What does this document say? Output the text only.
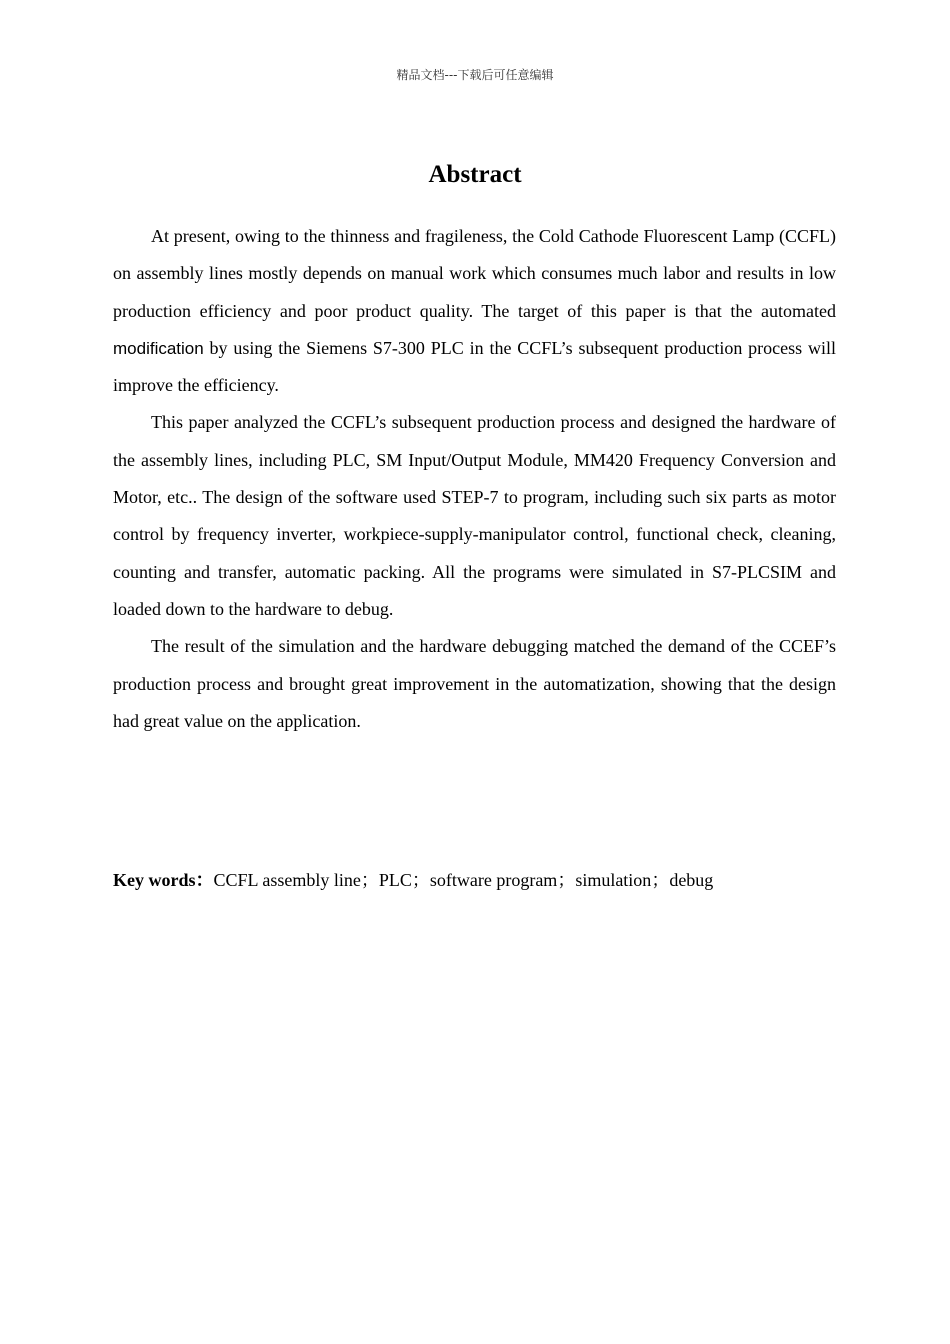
精品文档---下载后可任意编辑
Abstract

At present, owing to the thinness and fragileness, the Cold Cathode Fluorescent Lamp (CCFL) on assembly lines mostly depends on manual work which consumes much labor and results in low production efficiency and poor product quality. The target of this paper is that the automated modification by using the Siemens S7-300 PLC in the CCFL’s subsequent production process will improve the efficiency.

This paper analyzed the CCFL’s subsequent production process and designed the hardware of the assembly lines, including PLC, SM Input/Output Module, MM420 Frequency Conversion and Motor, etc.. The design of the software used STEP-7 to program, including such six parts as motor control by frequency inverter, workpiece-supply-manipulator control, functional check, cleaning, counting and transfer, automatic packing. All the programs were simulated in S7-PLCSIM and loaded down to the hardware to debug.

The result of the simulation and the hardware debugging matched the demand of the CCEF’s production process and brought great improvement in the automatization, showing that the design had great value on the application.

Key words：CCFL assembly line；PLC；software program；simulation；debug
